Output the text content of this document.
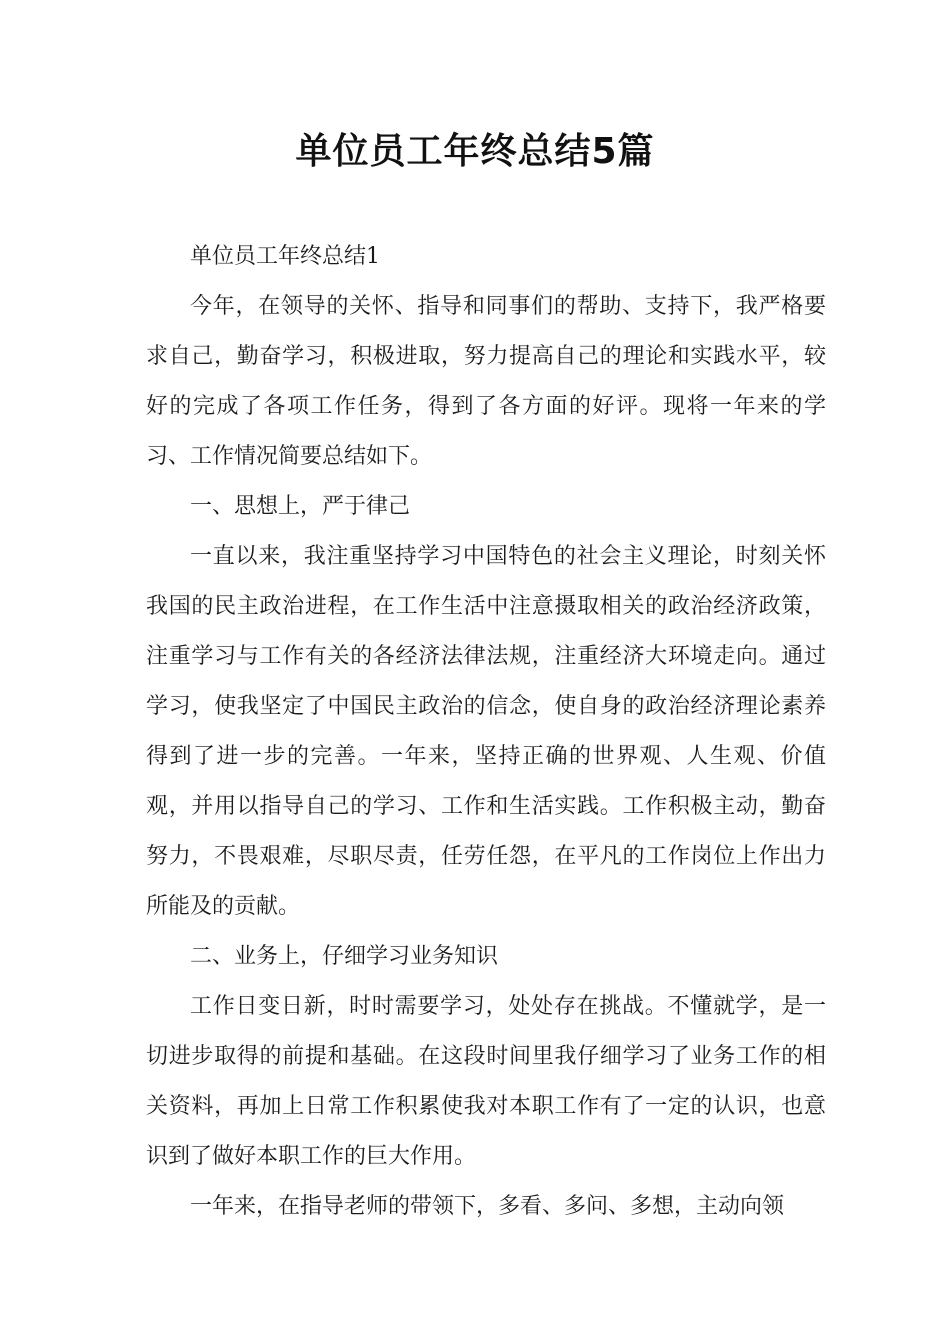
单位员工年终总结5篇

单位员工年终总结1

今年，在领导的关怀、指导和同事们的帮助、支持下，我严格要求自己，勤奋学习，积极进取，努力提高自己的理论和实践水平，较好的完成了各项工作任务，得到了各方面的好评。现将一年来的学习、工作情况简要总结如下。

一、思想上，严于律己

一直以来，我注重坚持学习中国特色的社会主义理论，时刻关怀我国的民主政治进程，在工作生活中注意摄取相关的政治经济政策，注重学习与工作有关的各经济法律法规，注重经济大环境走向。通过学习，使我坚定了中国民主政治的信念，使自身的政治经济理论素养得到了进一步的完善。一年来，坚持正确的世界观、人生观、价值观，并用以指导自己的学习、工作和生活实践。工作积极主动，勤奋努力，不畏艰难，尽职尽责，任劳任怨，在平凡的工作岗位上作出力所能及的贡献。

二、业务上，仔细学习业务知识

工作日变日新，时时需要学习，处处存在挑战。不懂就学，是一切进步取得的前提和基础。在这段时间里我仔细学习了业务工作的相关资料，再加上日常工作积累使我对本职工作有了一定的认识，也意识到了做好本职工作的巨大作用。

一年来，在指导老师的带领下，多看、多问、多想，主动向领
